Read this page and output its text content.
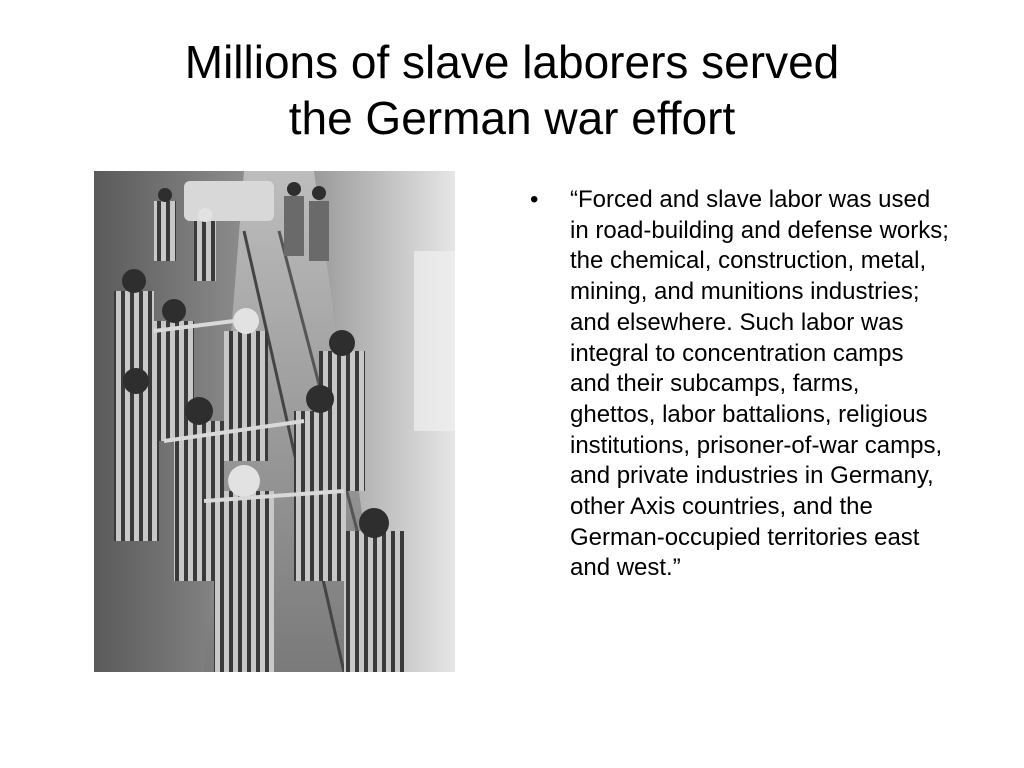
Millions of slave laborers served
the German war effort
•	“Forced and slave labor was used in road-building and defense works; the chemical, construction, metal, mining, and munitions industries; and elsewhere. Such labor was integral to concentration camps and their subcamps, farms, ghettos, labor battalions, religious institutions, prisoner-of-war camps, and private industries in Germany, other Axis countries, and the German-occupied territories east and west.”
